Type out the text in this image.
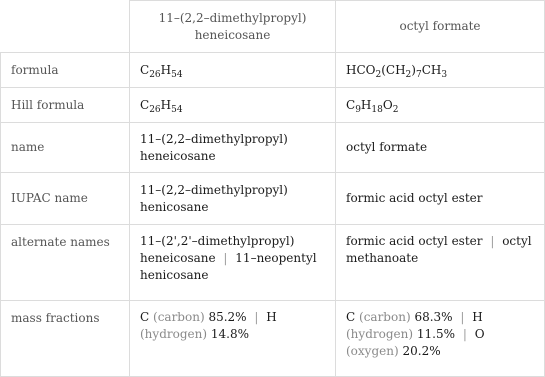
	11–(2,2–dimethylpropyl) heneicosane	octyl formate
formula	$C_{26}H_{54}$	$HCO_2(CH_2)_7CH_3$
Hill formula	$C_{26}H_{54}$	$C_9H_{18}O_2$
name	11–(2,2–dimethylpropyl) heneicosane	octyl formate
IUPAC name	11–(2,2–dimethylpropyl) henicosane	formic acid octyl ester
alternate names	11–(2',2'–dimethylpropyl) heneicosane | 11–neopentyl henicosane	formic acid octyl ester | octyl methanoate
mass fractions	C (carbon) 85.2% | H (hydrogen) 14.8%	C (carbon) 68.3% | H (hydrogen) 11.5% | O (oxygen) 20.2%
